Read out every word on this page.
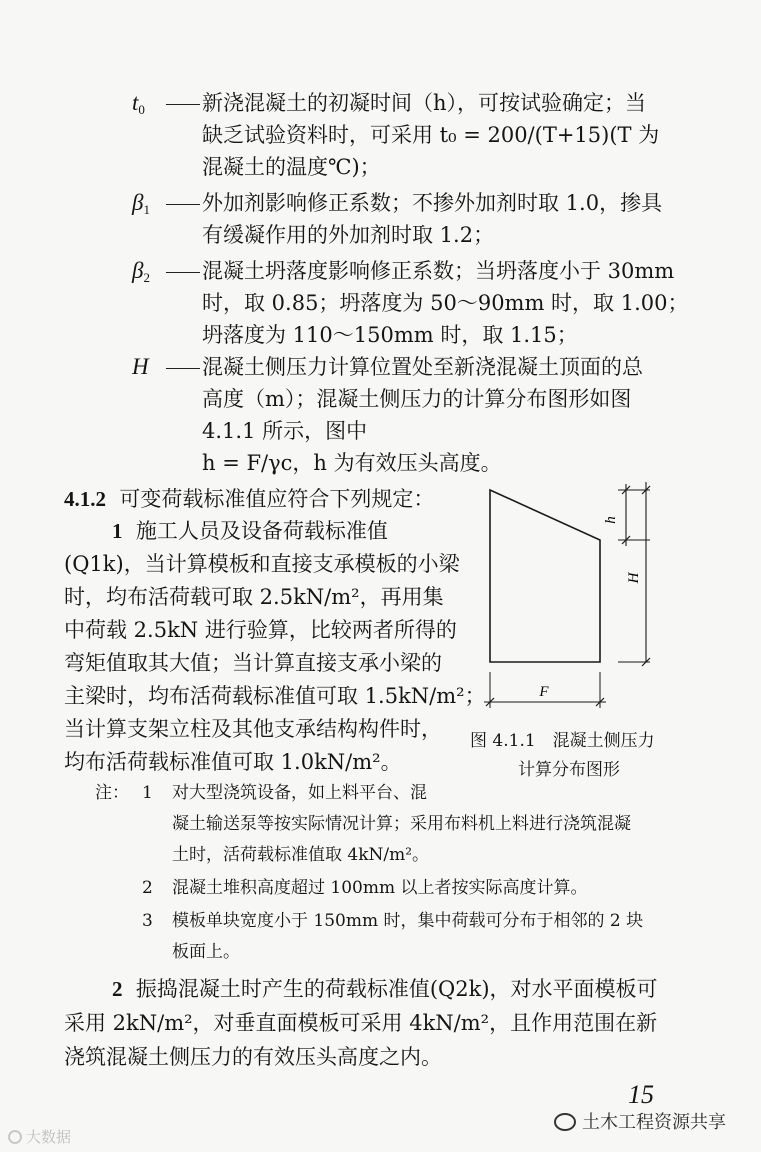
$t_0$	新浇混凝土的初凝时间（h），可按试验确定；当
缺乏试验资料时，可采用 t₀ = 200/(T+15)(T 为
混凝土的温度℃)；
$\beta_1$ 外加剂影响修正系数；不掺外加剂时取 1.0，掺具
有缓凝作用的外加剂时取 1.2；
$\beta_2$ 混凝土坍落度影响修正系数；当坍落度小于 30mm
时，取 0.85；坍落度为 50～90mm 时，取 1.00；
坍落度为 110～150mm 时，取 1.15；
H	混凝土侧压力计算位置处至新浇混凝土顶面的总
高度（m）；混凝土侧压力的计算分布图形如图
4.1.1 所示，图中
h = F/γc，h 为有效压头高度。
4.1.2 可变荷载标准值应符合下列规定：
1 施工人员及设备荷载标准值
(Q1k)，当计算模板和直接支承模板的小梁
时，均布活荷载可取 2.5kN/m²，再用集
中荷载 2.5kN 进行验算，比较两者所得的
弯矩值取其大值；当计算直接支承小梁的
主梁时，均布活荷载标准值可取 1.5kN/m²；
当计算支架立柱及其他支承结构构件时，
均布活荷载标准值可取 1.0kN/m²。
h
H
F
图 4.1.1　混凝土侧压力
计算分布图形
注： 1 对大型浇筑设备，如上料平台、混
凝土输送泵等按实际情况计算；采用布料机上料进行浇筑混凝
土时，活荷载标准值取 4kN/m²。
2 混凝土堆积高度超过 100mm 以上者按实际高度计算。
3 模板单块宽度小于 150mm 时，集中荷载可分布于相邻的 2 块
板面上。
2 振捣混凝土时产生的荷载标准值(Q2k)，对水平面模板可
采用 2kN/m²，对垂直面模板可采用 4kN/m²，且作用范围在新
浇筑混凝土侧压力的有效压头高度之内。
15
土木工程资源共享
大数据
